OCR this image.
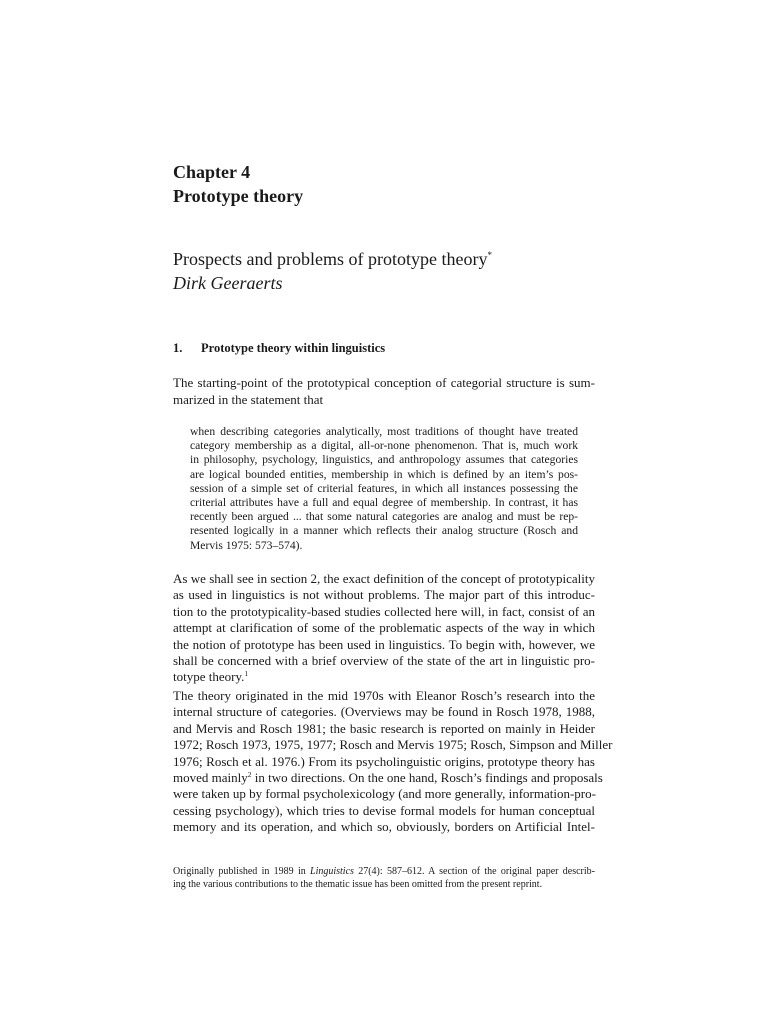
Chapter 4
Prototype theory
Prospects and problems of prototype theory*
Dirk Geeraerts
1. Prototype theory within linguistics
The starting-point of the prototypical conception of categorial structure is sum-
marized in the statement that
when describing categories analytically, most traditions of thought have treated
category membership as a digital, all-or-none phenomenon. That is, much work
in philosophy, psychology, linguistics, and anthropology assumes that categories
are logical bounded entities, membership in which is defined by an item’s pos-
session of a simple set of criterial features, in which all instances possessing the
criterial attributes have a full and equal degree of membership. In contrast, it has
recently been argued ... that some natural categories are analog and must be rep-
resented logically in a manner which reflects their analog structure (Rosch and
Mervis 1975: 573–574).
As we shall see in section 2, the exact definition of the concept of prototypicality
as used in linguistics is not without problems. The major part of this introduc-
tion to the prototypicality-based studies collected here will, in fact, consist of an
attempt at clarification of some of the problematic aspects of the way in which
the notion of prototype has been used in linguistics. To begin with, however, we
shall be concerned with a brief overview of the state of the art in linguistic pro-
totype theory.$^1$
The theory originated in the mid 1970s with Eleanor Rosch’s research into the
internal structure of categories. (Overviews may be found in Rosch 1978, 1988,
and Mervis and Rosch 1981; the basic research is reported on mainly in Heider
1972; Rosch 1973, 1975, 1977; Rosch and Mervis 1975; Rosch, Simpson and Miller
1976; Rosch et al. 1976.) From its psycholinguistic origins, prototype theory has
moved mainly$^2$ in two directions. On the one hand, Rosch’s findings and proposals
were taken up by formal psycholexicology (and more generally, information-pro-
cessing psychology), which tries to devise formal models for human conceptual
memory and its operation, and which so, obviously, borders on Artificial Intel-
Originally published in 1989 in Linguistics 27(4): 587–612. A section of the original paper describ-
ing the various contributions to the thematic issue has been omitted from the present reprint.
